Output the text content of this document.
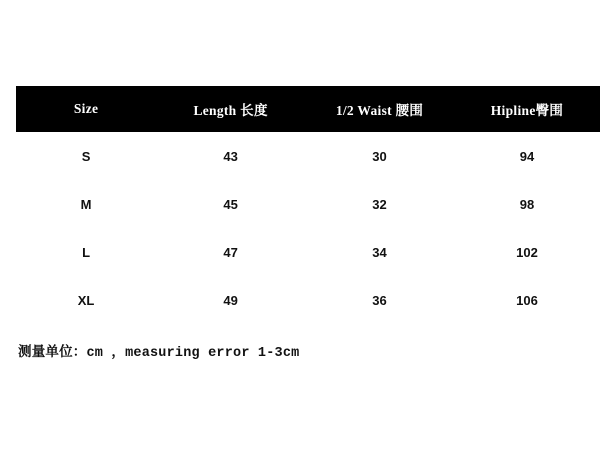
Size	Length 长度	1/2 Waist 腰围	Hipline臀围
S	43	30	94
M	45	32	98
L	47	34	102
XL	49	36	106
测量单位：cm ，measuring error 1-3cm
